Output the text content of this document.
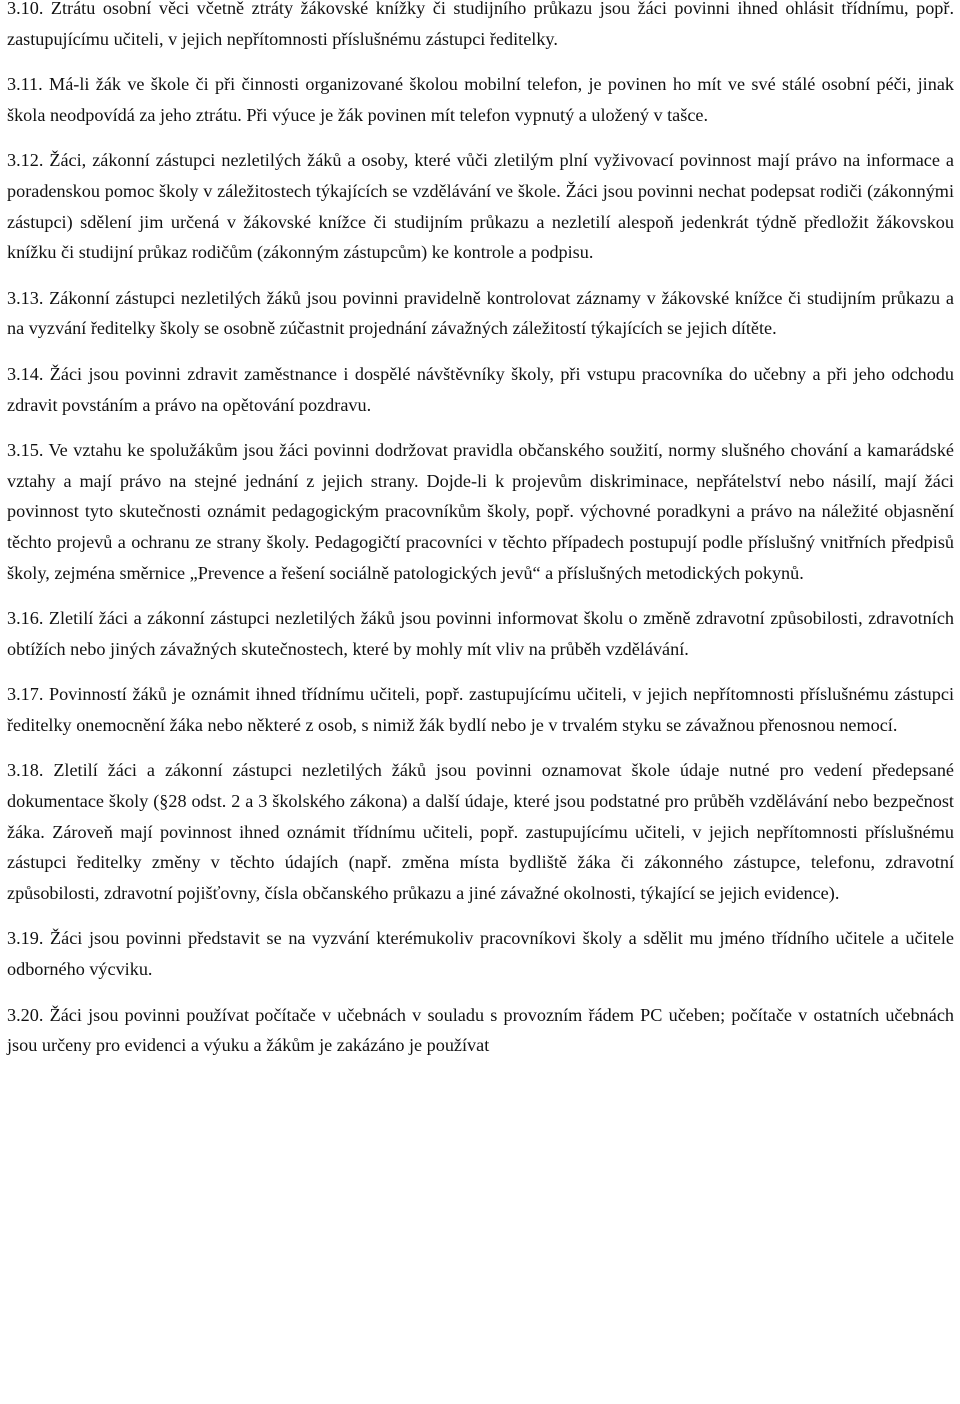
3.10. Ztrátu osobní věci včetně ztráty žákovské knížky či studijního průkazu jsou žáci povinni ihned ohlásit třídnímu, popř. zastupujícímu učiteli, v jejich nepřítomnosti příslušnému zástupci ředitelky.

3.11. Má-li žák ve škole či při činnosti organizované školou mobilní telefon, je povinen ho mít ve své stálé osobní péči, jinak škola neodpovídá za jeho ztrátu. Při výuce je žák povinen mít telefon vypnutý a uložený v tašce.

3.12. Žáci, zákonní zástupci nezletilých žáků a osoby, které vůči zletilým plní vyživovací povinnost mají právo na informace a poradenskou pomoc školy v záležitostech týkajících se vzdělávání ve škole. Žáci jsou povinni nechat podepsat rodiči (zákonnými zástupci) sdělení jim určená v žákovské knížce či studijním průkazu a nezletilí alespoň jedenkrát týdně předložit žákovskou knížku či studijní průkaz rodičům (zákonným zástupcům) ke kontrole a podpisu.

3.13. Zákonní zástupci nezletilých žáků jsou povinni pravidelně kontrolovat záznamy v žákovské knížce či studijním průkazu a na vyzvání ředitelky školy se osobně zúčastnit projednání závažných záležitostí týkajících se jejich dítěte.

3.14. Žáci jsou povinni zdravit zaměstnance i dospělé návštěvníky školy, při vstupu pracovníka do učebny a při jeho odchodu zdravit povstáním a právo na opětování pozdravu.

3.15. Ve vztahu ke spolužákům jsou žáci povinni dodržovat pravidla občanského soužití, normy slušného chování a kamarádské vztahy a mají právo na stejné jednání z jejich strany. Dojde-li k projevům diskriminace, nepřátelství nebo násilí, mají žáci povinnost tyto skutečnosti oznámit pedagogickým pracovníkům školy, popř. výchovné poradkyni a právo na náležité objasnění těchto projevů a ochranu ze strany školy. Pedagogičtí pracovníci v těchto případech postupují podle příslušný vnitřních předpisů školy, zejména směrnice „Prevence a řešení sociálně patologických jevů“ a příslušných metodických pokynů.

3.16. Zletilí žáci a zákonní zástupci nezletilých žáků jsou povinni informovat školu o změně zdravotní způsobilosti, zdravotních obtížích nebo jiných závažných skutečnostech, které by mohly mít vliv na průběh vzdělávání.

3.17. Povinností žáků je oznámit ihned třídnímu učiteli, popř. zastupujícímu učiteli, v jejich nepřítomnosti příslušnému zástupci ředitelky onemocnění žáka nebo některé z osob, s nimiž žák bydlí nebo je v trvalém styku se závažnou přenosnou nemocí.

3.18. Zletilí žáci a zákonní zástupci nezletilých žáků jsou povinni oznamovat škole údaje nutné pro vedení předepsané dokumentace školy (§28 odst. 2 a 3 školského zákona) a další údaje, které jsou podstatné pro průběh vzdělávání nebo bezpečnost žáka. Zároveň mají povinnost ihned oznámit třídnímu učiteli, popř. zastupujícímu učiteli, v jejich nepřítomnosti příslušnému zástupci ředitelky změny v těchto údajích (např. změna místa bydliště žáka či zákonného zástupce, telefonu, zdravotní způsobilosti, zdravotní pojišťovny, čísla občanského průkazu a jiné závažné okolnosti, týkající se jejich evidence).

3.19. Žáci jsou povinni představit se na vyzvání kterémukoliv pracovníkovi školy a sdělit mu jméno třídního učitele a učitele odborného výcviku.

3.20. Žáci jsou povinni používat počítače v učebnách v souladu s provozním řádem PC učeben; počítače v ostatních učebnách jsou určeny pro evidenci a výuku a žákům je zakázáno je používat
